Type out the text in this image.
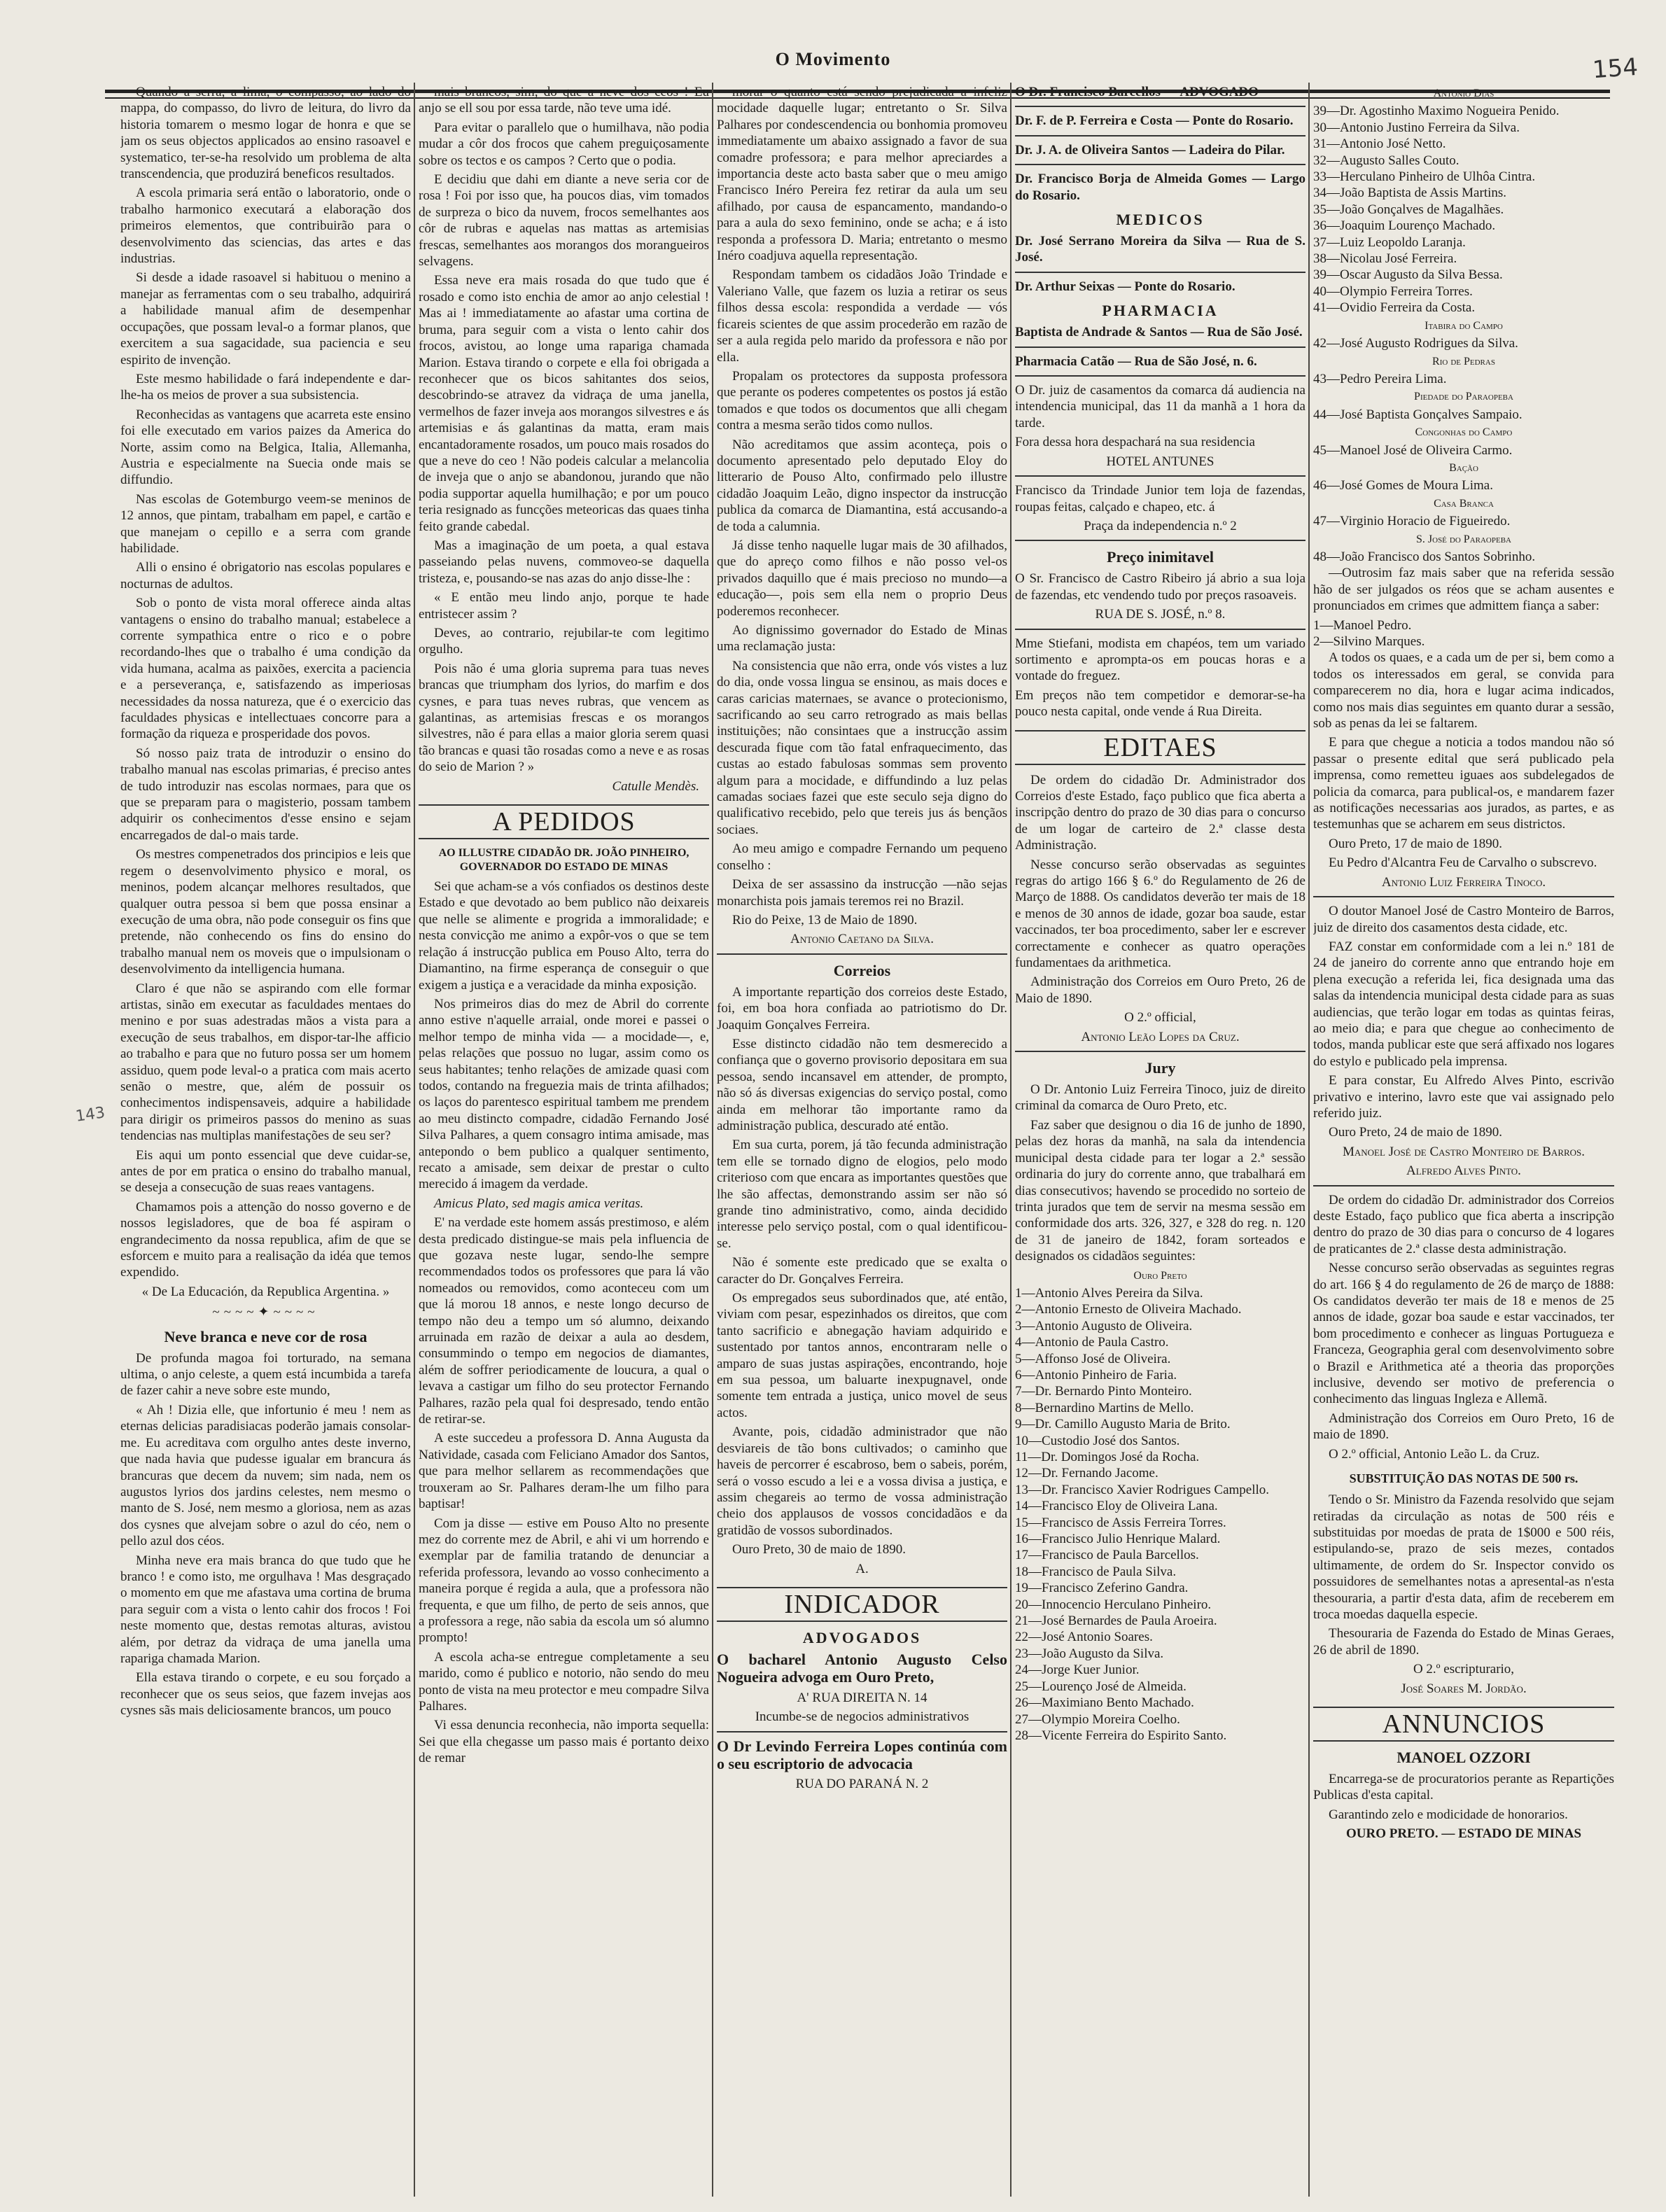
O Movimento	154
143

Quando a serra, a lima, o compasso, ao lado do mappa, do compasso, do livro de leitura, do livro da historia tomarem o mesmo logar de honra e que se jam os seus objectos applicados ao ensino rasoavel e systematico, ter-se-ha resolvido um problema de alta transcendencia, que produzirá beneficos resultados.

A escola primaria será então o laboratorio, onde o trabalho harmonico executará a elaboração dos primeiros elementos, que contribuirão para o desenvolvimento das sciencias, das artes e das industrias.

Si desde a idade rasoavel si habituou o menino a manejar as ferramentas com o seu trabalho, adquirirá a habilidade manual afim de desempenhar occupações, que possam leval-o a formar planos, que exercitem a sua sagacidade, sua paciencia e seu espirito de invenção.

Este mesmo habilidade o fará independente e dar-lhe-ha os meios de prover a sua subsistencia.

Reconhecidas as vantagens que acarreta este ensino foi elle executado em varios paizes da America do Norte, assim como na Belgica, Italia, Allemanha, Austria e especialmente na Suecia onde mais se diffundio.

Nas escolas de Gotemburgo veem-se meninos de 12 annos, que pintam, trabalham em papel, e cartão e que manejam o cepillo e a serra com grande habilidade.

Alli o ensino é obrigatorio nas escolas populares e nocturnas de adultos.

Sob o ponto de vista moral offerece ainda altas vantagens o ensino do trabalho manual; estabelece a corrente sympathica entre o rico e o pobre recordando-lhes que o trabalho é uma condição da vida humana, acalma as paixões, exercita a paciencia e a perseverança, e, satisfazendo as imperiosas necessidades da nossa natureza, que é o exercicio das faculdades physicas e intellectuaes concorre para a formação da riqueza e prosperidade dos povos.

Só nosso paiz trata de introduzir o ensino do trabalho manual nas escolas primarias, é preciso antes de tudo introduzir nas escolas normaes, para que os que se preparam para o magisterio, possam tambem adquirir os conhecimentos d'esse ensino e sejam encarregados de dal-o mais tarde.

Os mestres compenetrados dos principios e leis que regem o desenvolvimento physico e moral, os meninos, podem alcançar melhores resultados, que qualquer outra pessoa si bem que possa ensinar a execução de uma obra, não pode conseguir os fins que pretende, não conhecendo os fins do ensino do trabalho manual nem os moveis que o impulsionam o desenvolvimento da intelligencia humana.

Claro é que não se aspirando com elle formar artistas, sinão em executar as faculdades mentaes do menino e por suas adestradas mãos a vista para a execução de seus trabalhos, em dispor-tar-lhe afficio ao trabalho e para que no futuro possa ser um homem assiduo, quem pode leval-o a pratica com mais acerto senão o mestre, que, além de possuir os conhecimentos indispensaveis, adquire a habilidade para dirigir os primeiros passos do menino as suas tendencias nas multiplas manifestações de seu ser?

Eis aqui um ponto essencial que deve cuidar-se, antes de por em pratica o ensino do trabalho manual, se deseja a consecução de suas reaes vantagens.

Chamamos pois a attenção do nosso governo e de nossos legisladores, que de boa fé aspiram o engrandecimento da nossa republica, afim de que se esforcem e muito para a realisação da idéa que temos expendido.

« De La Educación, da Republica Argentina. »

~~~~✦~~~~
Neve branca e neve cor de rosa

De profunda magoa foi torturado, na semana ultima, o anjo celeste, a quem está incumbida a tarefa de fazer cahir a neve sobre este mundo,

« Ah ! Dizia elle, que infortunio é meu ! nem as eternas delicias paradisiacas poderão jamais consolar-me. Eu acreditava com orgulho antes deste inverno, que nada havia que pudesse igualar em brancura ás brancuras que decem da nuvem; sim nada, nem os augustos lyrios dos jardins celestes, nem mesmo o manto de S. José, nem mesmo a gloriosa, nem as azas dos cysnes que alvejam sobre o azul do céo, nem o pello azul dos céos.

Minha neve era mais branca do que tudo que he branco ! e como isto, me orgulhava ! Mas desgraçado o momento em que me afastava uma cortina de bruma para seguir com a vista o lento cahir dos frocos ! Foi neste momento que, destas remotas alturas, avistou além, por detraz da vidraça de uma janella uma rapariga chamada Marion.

Ella estava tirando o corpete, e eu sou forçado a reconhecer que os seus seios, que fazem invejas aos cysnes sãs mais deliciosamente brancos, um pouco

mais brancos, sim, do que a neve dos ceos ! Eu anjo se ell sou por essa tarde, não teve uma idé.

Para evitar o parallelo que o humilhava, não podia mudar a côr dos frocos que cahem preguiçosamente sobre os tectos e os campos ? Certo que o podia.

E decidiu que dahi em diante a neve seria cor de rosa ! Foi por isso que, ha poucos dias, vim tomados de surpreza o bico da nuvem, frocos semelhantes aos côr de rubras e aquelas nas mattas as artemisias frescas, semelhantes aos morangos dos morangueiros selvagens.

Essa neve era mais rosada do que tudo que é rosado e como isto enchia de amor ao anjo celestial ! Mas ai ! immediatamente ao afastar uma cortina de bruma, para seguir com a vista o lento cahir dos frocos, avistou, ao longe uma rapariga chamada Marion. Estava tirando o corpete e ella foi obrigada a reconhecer que os bicos sahitantes dos seios, descobrindo-se atravez da vidraça de uma janella, vermelhos de fazer inveja aos morangos silvestres e ás artemisias e ás galantinas da matta, eram mais encantadoramente rosados, um pouco mais rosados do que a neve do ceo ! Não podeis calcular a melancolia de inveja que o anjo se abandonou, jurando que não podia supportar aquella humilhação; e por um pouco teria resignado as funcções meteoricas das quaes tinha feito grande cabedal.

Mas a imaginação de um poeta, a qual estava passeiando pelas nuvens, commoveo-se daquella tristeza, e, pousando-se nas azas do anjo disse-lhe :

« E então meu lindo anjo, porque te hade entristecer assim ?

Deves, ao contrario, rejubilar-te com legitimo orgulho.

Pois não é uma gloria suprema para tuas neves brancas que triumpham dos lyrios, do marfim e dos cysnes, e para tuas neves rubras, que vencem as galantinas, as artemisias frescas e os morangos silvestres, não é para ellas a maior gloria serem quasi tão brancas e quasi tão rosadas como a neve e as rosas do seio de Marion ? »

Catulle Mendès.
A PEDIDOS
AO ILLUSTRE CIDADÃO DR. JOÃO PINHEIRO, GOVERNADOR DO ESTADO DE MINAS

Sei que acham-se a vós confiados os destinos deste Estado e que devotado ao bem publico não deixareis que nelle se alimente e progrida a immoralidade; e nesta convicção me animo a expôr-vos o que se tem relação á instrucção publica em Pouso Alto, terra do Diamantino, na firme esperança de conseguir o que exigem a justiça e a veracidade da minha exposição.

Nos primeiros dias do mez de Abril do corrente anno estive n'aquelle arraial, onde morei e passei o melhor tempo de minha vida — a mocidade—, e, pelas relações que possuo no lugar, assim como os seus habitantes; tenho relações de amizade quasi com todos, contando na freguezia mais de trinta afilhados; os laços do parentesco espiritual tambem me prendem ao meu distincto compadre, cidadão Fernando José Silva Palhares, a quem consagro intima amisade, mas antepondo o bem publico a qualquer sentimento, recato a amisade, sem deixar de prestar o culto merecido á imagem da verdade.

Amicus Plato, sed magis amica veritas.

E' na verdade este homem assás prestimoso, e além desta predicado distingue-se mais pela influencia de que gozava neste lugar, sendo-lhe sempre recommendados todos os professores que para lá vão nomeados ou removidos, como aconteceu com um que lá morou 18 annos, e neste longo decurso de tempo não deu a tempo um só alumno, deixando arruinada em razão de deixar a aula ao desdem, consummindo o tempo em negocios de diamantes, além de soffrer periodicamente de loucura, a qual o levava a castigar um filho do seu protector Fernando Palhares, razão pela qual foi despresado, tendo então de retirar-se.

A este succedeu a professora D. Anna Augusta da Natividade, casada com Feliciano Amador dos Santos, que para melhor sellarem as recommendações que trouxeram ao Sr. Palhares deram-lhe um filho para baptisar!

Com ja disse — estive em Pouso Alto no presente mez do corrente mez de Abril, e ahi vi um horrendo e exemplar par de familia tratando de denunciar a referida professora, levando ao vosso conhecimento a maneira porque é regida a aula, que a professora não frequenta, e que um filho, de perto de seis annos, que a professora a rege, não sabia da escola um só alumno prompto!

A escola acha-se entregue completamente a seu marido, como é publico e notorio, não sendo do meu ponto de vista na meu protector e meu compadre Silva Palhares.

Vi essa denuncia reconhecia, não importa sequella: Sei que ella chegasse um passo mais é portanto deixo de remar

morar o quanto está sendo prejudicada a infeliz mocidade daquelle lugar; entretanto o Sr. Silva Palhares por condescendencia ou bonhomia promoveu immediatamente um abaixo assignado a favor de sua comadre professora; e para melhor apreciardes a importancia deste acto basta saber que o meu amigo Francisco Inéro Pereira fez retirar da aula um seu afilhado, por causa de espancamento, mandando-o para a aula do sexo feminino, onde se acha; e á isto responda a professora D. Maria; entretanto o mesmo Inéro coadjuva aquella representação.

Respondam tambem os cidadãos João Trindade e Valeriano Valle, que fazem os luzia a retirar os seus filhos dessa escola: respondida a verdade — vós ficareis scientes de que assim procederão em razão de ser a aula regida pelo marido da professora e não por ella.

Propalam os protectores da supposta professora que perante os poderes competentes os postos já estão tomados e que todos os documentos que alli chegam contra a mesma serão tidos como nullos.

Não acreditamos que assim aconteça, pois o documento apresentado pelo deputado Eloy do litterario de Pouso Alto, confirmado pelo illustre cidadão Joaquim Leão, digno inspector da instrucção publica da comarca de Diamantina, está accusando-a de toda a calumnia.

Já disse tenho naquelle lugar mais de 30 afilhados, que do apreço como filhos e não posso vel-os privados daquillo que é mais precioso no mundo—a educação—, pois sem ella nem o proprio Deus poderemos reconhecer.

Ao dignissimo governador do Estado de Minas uma reclamação justa:

Na consistencia que não erra, onde vós vistes a luz do dia, onde vossa lingua se ensinou, as mais doces e caras caricias maternaes, se avance o protecionismo, sacrificando ao seu carro retrogrado as mais bellas instituições; não consintaes que a instrucção assim descurada fique com tão fatal enfraquecimento, das custas ao estado fabulosas sommas sem provento algum para a mocidade, e diffundindo a luz pelas camadas sociaes fazei que este seculo seja digno do qualificativo recebido, pelo que tereis jus ás bençãos sociaes.

Ao meu amigo e compadre Fernando um pequeno conselho :

Deixa de ser assassino da instrucção —não sejas monarchista pois jamais teremos rei no Brazil.

Rio do Peixe, 13 de Maio de 1890.

Antonio Caetano da Silva.
Correios

A importante repartição dos correios deste Estado, foi, em boa hora confiada ao patriotismo do Dr. Joaquim Gonçalves Ferreira.

Esse distincto cidadão não tem desmerecido a confiança que o governo provisorio depositara em sua pessoa, sendo incansavel em attender, de prompto, não só ás diversas exigencias do serviço postal, como ainda em melhorar tão importante ramo da administração publica, descurado até então.

Em sua curta, porem, já tão fecunda administração tem elle se tornado digno de elogios, pelo modo criterioso com que encara as importantes questões que lhe são affectas, demonstrando assim ser não só grande tino administrativo, como, ainda decidido interesse pelo serviço postal, com o qual identificou-se.

Não é somente este predicado que se exalta o caracter do Dr. Gonçalves Ferreira.

Os empregados seus subordinados que, até então, viviam com pesar, espezinhados os direitos, que com tanto sacrificio e abnegação haviam adquirido e sustentado por tantos annos, encontraram nelle o amparo de suas justas aspirações, encontrando, hoje em sua pessoa, um baluarte inexpugnavel, onde somente tem entrada a justiça, unico movel de seus actos.

Avante, pois, cidadão administrador que não desviareis de tão bons cultivados; o caminho que haveis de percorrer é escabroso, bem o sabeis, porém, será o vosso escudo a lei e a vossa divisa a justiça, e assim chegareis ao termo de vossa administração cheio dos applausos de vossos concidadãos e da gratidão de vossos subordinados.

Ouro Preto, 30 de maio de 1890.

A.
INDICADOR
ADVOGADOS

O bacharel Antonio Augusto Celso Nogueira advoga em Ouro Preto,

A' RUA DIREITA N. 14

Incumbe-se de negocios administrativos

O Dr Levindo Ferreira Lopes continúa com o seu escriptorio de advocacia

RUA DO PARANÁ N. 2

O Dr. Francisco Barcellos — ADVOGADO

Dr. F. de P. Ferreira e Costa — Ponte do Rosario.

Dr. J. A. de Oliveira Santos — Ladeira do Pilar.

Dr. Francisco Borja de Almeida Gomes — Largo do Rosario.

MEDICOS

Dr. José Serrano Moreira da Silva — Rua de S. José.

Dr. Arthur Seixas — Ponte do Rosario.

PHARMACIA

Baptista de Andrade & Santos — Rua de São José.

Pharmacia Catão — Rua de São José, n. 6.

O Dr. juiz de casamentos da comarca dá audiencia na intendencia municipal, das 11 da manhã a 1 hora da tarde.

Fora dessa hora despachará na sua residencia

HOTEL ANTUNES

Francisco da Trindade Junior tem loja de fazendas, roupas feitas, calçado e chapeo, etc. á

Praça da independencia n.º 2

Preço inimitavel

O Sr. Francisco de Castro Ribeiro já abrio a sua loja de fazendas, etc vendendo tudo por preços rasoaveis.

RUA DE S. JOSÉ, n.º 8.

Mme Stiefani, modista em chapéos, tem um variado sortimento e apromptа-os em poucas horas e a vontade do freguez.

Em preços não tem competidor e demorar-se-ha pouco nesta capital, onde vende á Rua Direita.

EDITAES

De ordem do cidadão Dr. Administrador dos Correios d'este Estado, faço publico que fica aberta a inscripção dentro do prazo de 30 dias para o concurso de um logar de carteiro de 2.ª classe desta Administração.

Nesse concurso serão observadas as seguintes regras do artigo 166 § 6.º do Regulamento de 26 de Março de 1888. Os candidatos deverão ter mais de 18 e menos de 30 annos de idade, gozar boa saude, estar vaccinados, ter boa procedimento, saber ler e escrever correctamente e conhecer as quatro operações fundamentaes da arithmetica.

Administração dos Correios em Ouro Preto, 26 de Maio de 1890.

O 2.º official,

Antonio Leão Lopes da Cruz.
Jury

O Dr. Antonio Luiz Ferreira Tinoco, juiz de direito criminal da comarca de Ouro Preto, etc.

Faz saber que designou o dia 16 de junho de 1890, pelas dez horas da manhã, na sala da intendencia municipal desta cidade para ter logar a 2.ª sessão ordinaria do jury do corrente anno, que trabalhará em dias consecutivos; havendo se procedido no sorteio de trinta jurados que tem de servir na mesma sessão em conformidade dos arts. 326, 327, e 328 do reg. n. 120 de 31 de janeiro de 1842, foram sorteados e designados os cidadãos seguintes:

Ouro Preto
1—Antonio Alves Pereira da Silva.
2—Antonio Ernesto de Oliveira Machado.
3—Antonio Augusto de Oliveira.
4—Antonio de Paula Castro.
5—Affonso José de Oliveira.
6—Antonio Pinheiro de Faria.
7—Dr. Bernardo Pinto Monteiro.
8—Bernardino Martins de Mello.
9—Dr. Camillo Augusto Maria de Brito.
10—Custodio José dos Santos.
11—Dr. Domingos José da Rocha.
12—Dr. Fernando Jacome.
13—Dr. Francisco Xavier Rodrigues Campello.
14—Francisco Eloy de Oliveira Lana.
15—Francisco de Assis Ferreira Torres.
16—Francisco Julio Henrique Malard.
17—Francisco de Paula Barcellos.
18—Francisco de Paula Silva.
19—Francisco Zeferino Gandra.
20—Innocencio Herculano Pinheiro.
21—José Bernardes de Paula Aroeira.
22—José Antonio Soares.
23—João Augusto da Silva.
24—Jorge Kuer Junior.
25—Lourenço José de Almeida.
26—Maximiano Bento Machado.
27—Olympio Moreira Coelho.
28—Vicente Ferreira do Espirito Santo.
Antonio Dias
39—Dr. Agostinho Maximo Nogueira Penido.
30—Antonio Justino Ferreira da Silva.
31—Antonio José Netto.
32—Augusto Salles Couto.
33—Herculano Pinheiro de Ulhôa Cintra.
34—João Baptista de Assis Martins.
35—João Gonçalves de Magalhães.
36—Joaquim Lourenço Machado.
37—Luiz Leopoldo Laranja.
38—Nicolau José Ferreira.
39—Oscar Augusto da Silva Bessa.
40—Olympio Ferreira Torres.
41—Ovidio Ferreira da Costa.
Itabira do Campo
42—José Augusto Rodrigues da Silva.
Rio de Pedras
43—Pedro Pereira Lima.
Piedade do Paraopeba
44—José Baptista Gonçalves Sampaio.
Congonhas do Campo
45—Manoel José de Oliveira Carmo.
Bação
46—José Gomes de Moura Lima.
Casa Branca
47—Virginio Horacio de Figueiredo.
S. José do Paraopeba
48—João Francisco dos Santos Sobrinho.

—Outrosim faz mais saber que na referida sessão hão de ser julgados os réos que se acham ausentes e pronunciados em crimes que admittem fiança a saber:

1—Manoel Pedro.
2—Silvino Marques.

A todos os quaes, e a cada um de per si, bem como a todos os interessados em geral, se convida para comparecerem no dia, hora e lugar acima indicados, como nos mais dias seguintes em quanto durar a sessão, sob as penas da lei se faltarem.

E para que chegue a noticia a todos mandou não só passar o presente edital que será publicado pela imprensa, como remetteu iguaes aos subdelegados de policia da comarca, para publical-os, e mandarem fazer as notificações necessarias aos jurados, as partes, e as testemunhas que se acharem em seus districtos.

Ouro Preto, 17 de maio de 1890.

Eu Pedro d'Alcantra Feu de Carvalho o subscrevo.

Antonio Luiz Ferreira Tinoco.

O doutor Manoel José de Castro Monteiro de Barros, juiz de direito dos casamentos desta cidade, etc.

FAZ constar em conformidade com a lei n.º 181 de 24 de janeiro do corrente anno que entrando hoje em plena execução a referida lei, fica designada uma das salas da intendencia municipal desta cidade para as suas audiencias, que terão logar em todas as quintas feiras, ao meio dia; e para que chegue ao conhecimento de todos, manda publicar este que será affixado nos logares do estylo e publicado pela imprensa.

E para constar, Eu Alfredo Alves Pinto, escrivão privativo e interino, lavro este que vai assignado pelo referido juiz.

Ouro Preto, 24 de maio de 1890.

Manoel José de Castro Monteiro de Barros.
Alfredo Alves Pinto.

De ordem do cidadão Dr. administrador dos Correios deste Estado, faço publico que fica aberta a inscripção dentro do prazo de 30 dias para o concurso de 4 logares de praticantes de 2.ª classe desta administração.

Nesse concurso serão observadas as seguintes regras do art. 166 § 4 do regulamento de 26 de março de 1888: Os candidatos deverão ter mais de 18 e menos de 25 annos de idade, gozar boa saude e estar vaccinados, ter bom procedimento e conhecer as linguas Portugueza e Franceza, Geographia geral com desenvolvimento sobre o Brazil e Arithmetica até a theoria das proporções inclusive, devendo ser motivo de preferencia o conhecimento das linguas Ingleza e Allemã.

Administração dos Correios em Ouro Preto, 16 de maio de 1890.

O 2.º official, Antonio Leão L. da Cruz.

SUBSTITUIÇÃO DAS NOTAS DE 500 rs.

Tendo o Sr. Ministro da Fazenda resolvido que sejam retiradas da circulação as notas de 500 réis e substituidas por moedas de prata de 1$000 e 500 réis, estipulando-se, prazo de seis mezes, contados ultimamente, de ordem do Sr. Inspector convido os possuidores de semelhantes notas a apresental-as n'esta thesouraria, a partir d'esta data, afim de receberem em troca moedas daquella especie.

Thesouraria de Fazenda do Estado de Minas Geraes, 26 de abril de 1890.

O 2.º escripturario,

José Soares M. Jordão.
ANNUNCIOS
MANOEL OZZORI

Encarrega-se de procuratorios perante as Repartições Publicas d'esta capital.

Garantindo zelo e modicidade de honorarios.

OURO PRETO. — ESTADO DE MINAS
